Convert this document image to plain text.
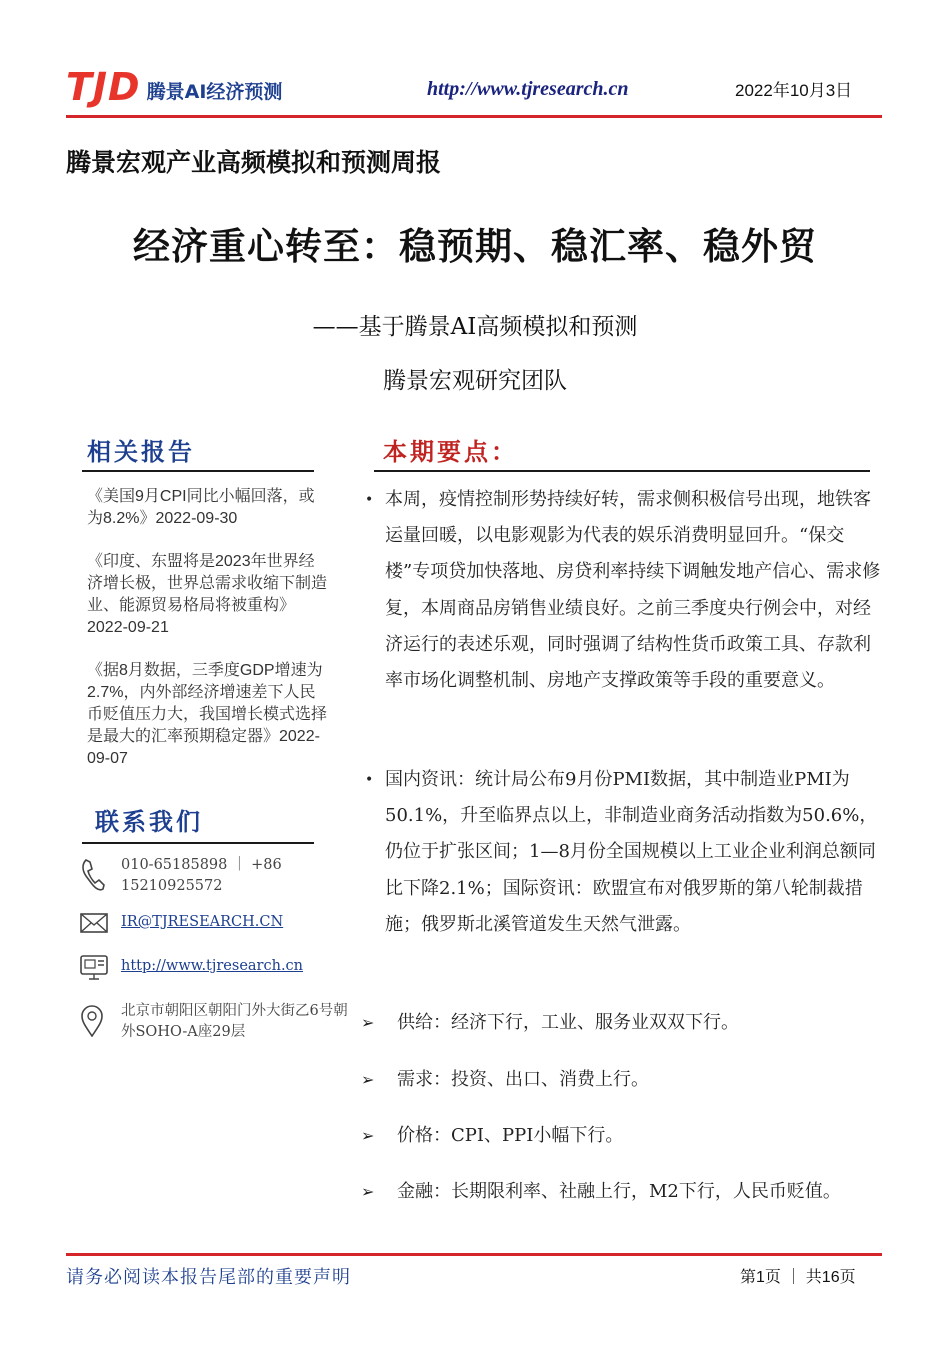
TJD 腾景AI经济预测	http://www.tjresearch.cn	2022年10月3日
腾景宏观产业高频模拟和预测周报
经济重心转至：稳预期、稳汇率、稳外贸
——基于腾景AI高频模拟和预测
腾景宏观研究团队
相关报告
《美国9月CPI同比小幅回落，或为8.2%》2022-09-30
《印度、东盟将是2023年世界经济增长极，世界总需求收缩下制造业、能源贸易格局将被重构》2022-09-21
《据8月数据，三季度GDP增速为2.7%，内外部经济增速差下人民币贬值压力大，我国增长模式选择是最大的汇率预期稳定器》2022-09-07
联系我们
010-65185898 ｜ +86 15210925572
IR@TJRESEARCH.CN
http://www.tjresearch.cn
北京市朝阳区朝阳门外大街乙6号朝外SOHO-A座29层
本期要点：
• 本周，疫情控制形势持续好转，需求侧积极信号出现，地铁客运量回暖，以电影观影为代表的娱乐消费明显回升。“保交楼”专项贷加快落地、房贷利率持续下调触发地产信心、需求修复，本周商品房销售业绩良好。之前三季度央行例会中，对经济运行的表述乐观，同时强调了结构性货币政策工具、存款利率市场化调整机制、房地产支撑政策等手段的重要意义。
• 国内资讯：统计局公布9月份PMI数据，其中制造业PMI为50.1%，升至临界点以上，非制造业商务活动指数为50.6%，仍位于扩张区间；1—8月份全国规模以上工业企业利润总额同比下降2.1%；国际资讯：欧盟宣布对俄罗斯的第八轮制裁措施；俄罗斯北溪管道发生天然气泄露。
➢ 供给：经济下行，工业、服务业双双下行。
➢ 需求：投资、出口、消费上行。
➢ 价格：CPI、PPI小幅下行。
➢ 金融：长期限利率、社融上行，M2下行，人民币贬值。
请务必阅读本报告尾部的重要声明	第1页 ｜ 共16页
